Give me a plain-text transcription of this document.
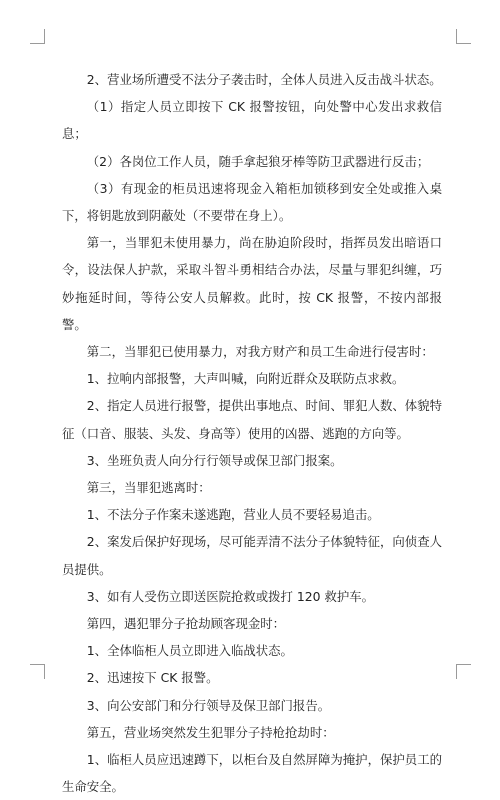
2、营业场所遭受不法分子袭击时，全体人员进入反击战斗状态。

（1）指定人员立即按下 CK 报警按钮，向处警中心发出求救信息；

（2）各岗位工作人员，随手拿起狼牙棒等防卫武器进行反击；

（3）有现金的柜员迅速将现金入箱柜加锁移到安全处或推入桌下，将钥匙放到阴蔽处（不要带在身上）。

第一，当罪犯未使用暴力，尚在胁迫阶段时，指挥员发出暗语口令，设法保人护款，采取斗智斗勇相结合办法，尽量与罪犯纠缠，巧妙拖延时间，等待公安人员解救。此时，按 CK 报警，不按内部报警。

第二，当罪犯已使用暴力，对我方财产和员工生命进行侵害时：

1、拉响内部报警，大声叫喊，向附近群众及联防点求救。

2、指定人员进行报警，提供出事地点、时间、罪犯人数、体貌特征（口音、服装、头发、身高等）使用的凶器、逃跑的方向等。

3、坐班负责人向分行行领导或保卫部门报案。

第三，当罪犯逃离时：

1、不法分子作案未遂逃跑，营业人员不要轻易追击。

2、案发后保护好现场，尽可能弄清不法分子体貌特征，向侦查人员提供。

3、如有人受伤立即送医院抢救或拨打 120 救护车。

第四，遇犯罪分子抢劫顾客现金时：

1、全体临柜人员立即进入临战状态。

2、迅速按下 CK 报警。

3、向公安部门和分行领导及保卫部门报告。

第五，营业场突然发生犯罪分子持枪抢劫时：

1、临柜人员应迅速蹲下，以柜台及自然屏障为掩护，保护员工的生命安全。
